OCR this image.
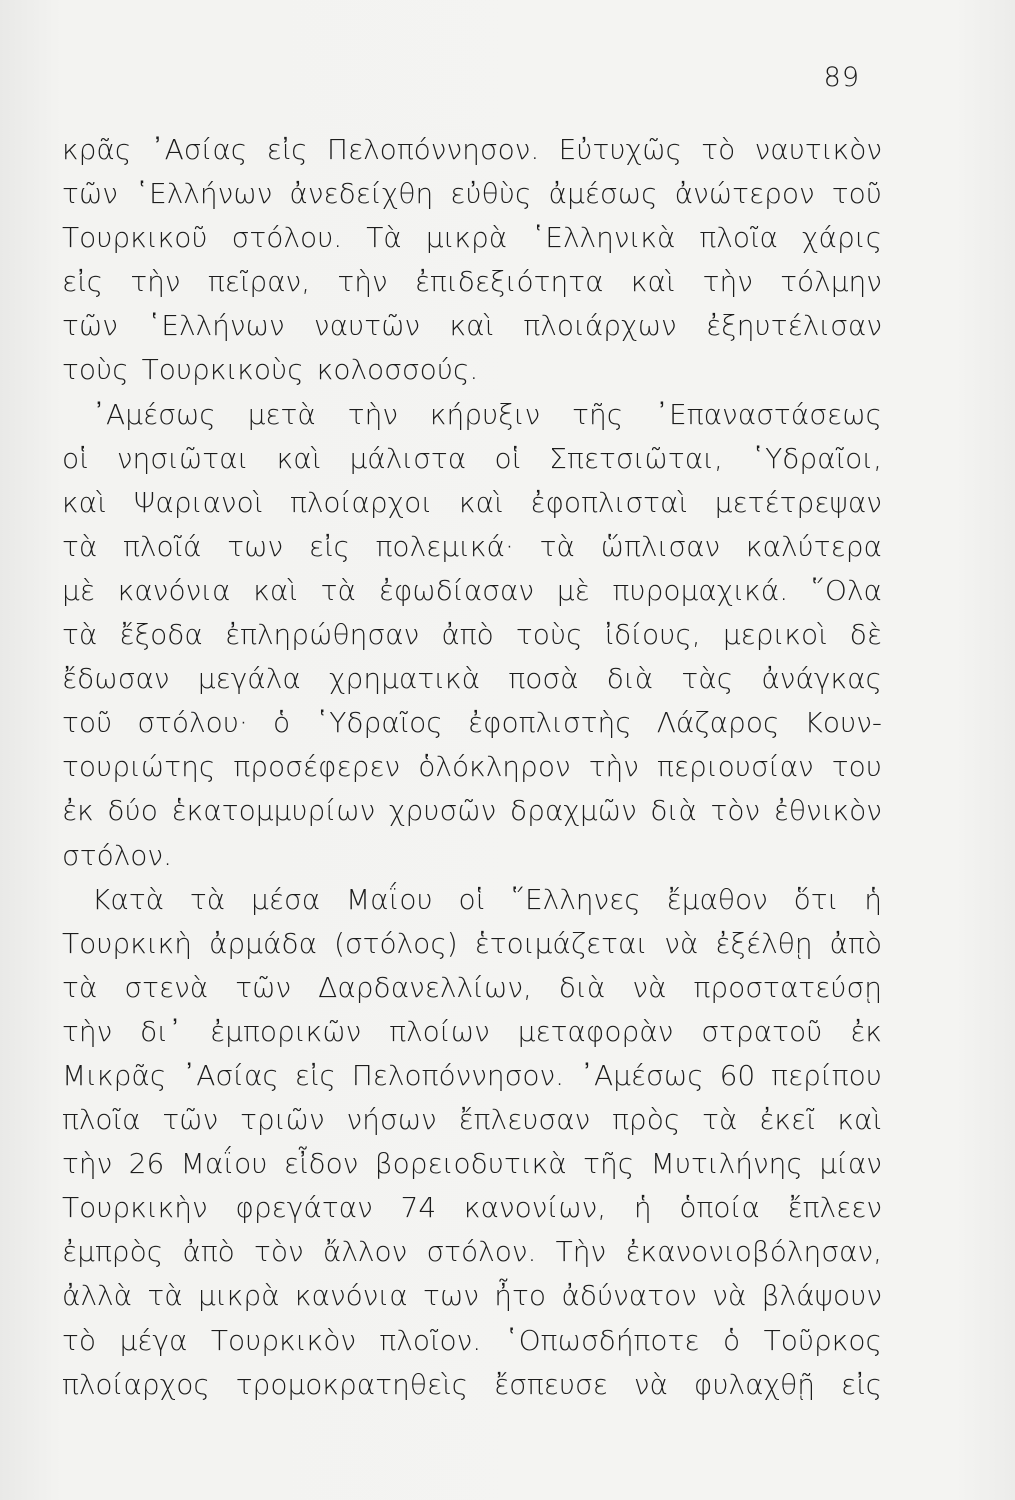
89
κρᾶς ᾿Ασίας εἰς Πελοπόννησον. Εὐτυχῶς τὸ ναυτικὸν
τῶν ῾Ελλήνων ἀνεδείχθη εὐθὺς ἀμέσως ἀνώτερον τοῦ
Τουρκικοῦ στόλου. Τὰ μικρὰ ῾Ελληνικὰ πλοῖα χάρις
εἰς τὴν πεῖραν, τὴν ἐπιδεξιότητα καὶ τὴν τόλμην
τῶν ῾Ελλήνων ναυτῶν καὶ πλοιάρχων ἐξηυτέλισαν
τοὺς Τουρκικοὺς κολοσσούς.
᾿Αμέσως μετὰ τὴν κήρυξιν τῆς ᾿Επαναστάσεως
οἱ νησιῶται καὶ μάλιστα οἱ Σπετσιῶται, ῾Υδραῖοι,
καὶ Ψαριανοὶ πλοίαρχοι καὶ ἐφοπλισταὶ μετέτρεψαν
τὰ πλοῖά των εἰς πολεμικά· τὰ ὥπλισαν καλύτερα
μὲ κανόνια καὶ τὰ ἐφωδίασαν μὲ πυρομαχικά. ῞Ολα
τὰ ἔξοδα ἐπληρώθησαν ἀπὸ τοὺς ἰδίους, μερικοὶ δὲ
ἔδωσαν μεγάλα χρηματικὰ ποσὰ διὰ τὰς ἀνάγκας
τοῦ στόλου· ὁ ῾Υδραῖος ἐφοπλιστὴς Λάζαρος Κουν-
τουριώτης προσέφερεν ὁλόκληρον τὴν περιουσίαν του
ἐκ δύο ἑκατομμυρίων χρυσῶν δραχμῶν διὰ τὸν ἐθνικὸν
στόλον.
Κατὰ τὰ μέσα Μαΐου οἱ ῞Ελληνες ἔμαθον ὅτι ἡ
Τουρκικὴ ἀρμάδα (στόλος) ἑτοιμάζεται νὰ ἐξέλθῃ ἀπὸ
τὰ στενὰ τῶν Δαρδανελλίων, διὰ νὰ προστατεύσῃ
τὴν δι᾿ ἐμπορικῶν πλοίων μεταφορὰν στρατοῦ ἐκ
Μικρᾶς ᾿Ασίας εἰς Πελοπόννησον. ᾿Αμέσως 60 περίπου
πλοῖα τῶν τριῶν νήσων ἔπλευσαν πρὸς τὰ ἐκεῖ καὶ
τὴν 26 Μαΐου εἶδον βορειοδυτικὰ τῆς Μυτιλήνης μίαν
Τουρκικὴν φρεγάταν 74 κανονίων, ἡ ὁποία ἔπλεεν
ἐμπρὸς ἀπὸ τὸν ἄλλον στόλον. Τὴν ἐκανονιοβόλησαν,
ἀλλὰ τὰ μικρὰ κανόνια των ἦτο ἀδύνατον νὰ βλάψουν
τὸ μέγα Τουρκικὸν πλοῖον. ῾Οπωσδήποτε ὁ Τοῦρκος
πλοίαρχος τρομοκρατηθεὶς ἔσπευσε νὰ φυλαχθῇ εἰς
